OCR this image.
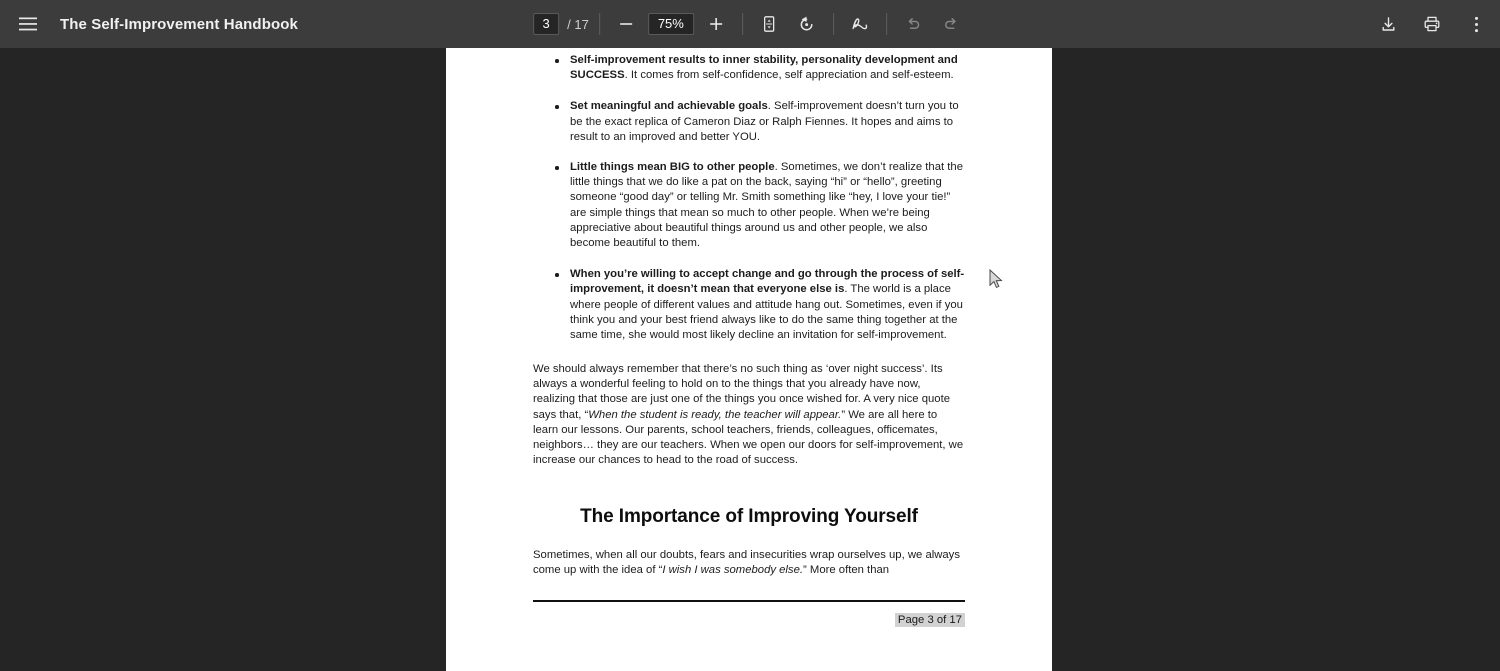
The Self-Improvement Handbook	3	/ 17	75%
Self-improvement results to inner stability, personality development and SUCCESS. It comes from self-confidence, self appreciation and self-esteem.
Set meaningful and achievable goals. Self-improvement doesn’t turn you to be the exact replica of Cameron Diaz or Ralph Fiennes. It hopes and aims to result to an improved and better YOU.
Little things mean BIG to other people. Sometimes, we don’t realize that the little things that we do like a pat on the back, saying “hi” or “hello”, greeting someone “good day” or telling Mr. Smith something like “hey, I love your tie!” are simple things that mean so much to other people. When we’re being appreciative about beautiful things around us and other people, we also become beautiful to them.
When you’re willing to accept change and go through the process of self-improvement, it doesn’t mean that everyone else is. The world is a place where people of different values and attitude hang out. Sometimes, even if you think you and your best friend always like to do the same thing together at the same time, she would most likely decline an invitation for self-improvement.

We should always remember that there’s no such thing as ‘over night success’. Its always a wonderful feeling to hold on to the things that you already have now, realizing that those are just one of the things you once wished for. A very nice quote says that, “When the student is ready, the teacher will appear.” We are all here to learn our lessons. Our parents, school teachers, friends, colleagues, officemates, neighbors… they are our teachers. When we open our doors for self-improvement, we increase our chances to head to the road of success.

The Importance of Improving Yourself

Sometimes, when all our doubts, fears and insecurities wrap ourselves up, we always come up with the idea of “I wish I was somebody else.” More often than

Page 3 of 17
